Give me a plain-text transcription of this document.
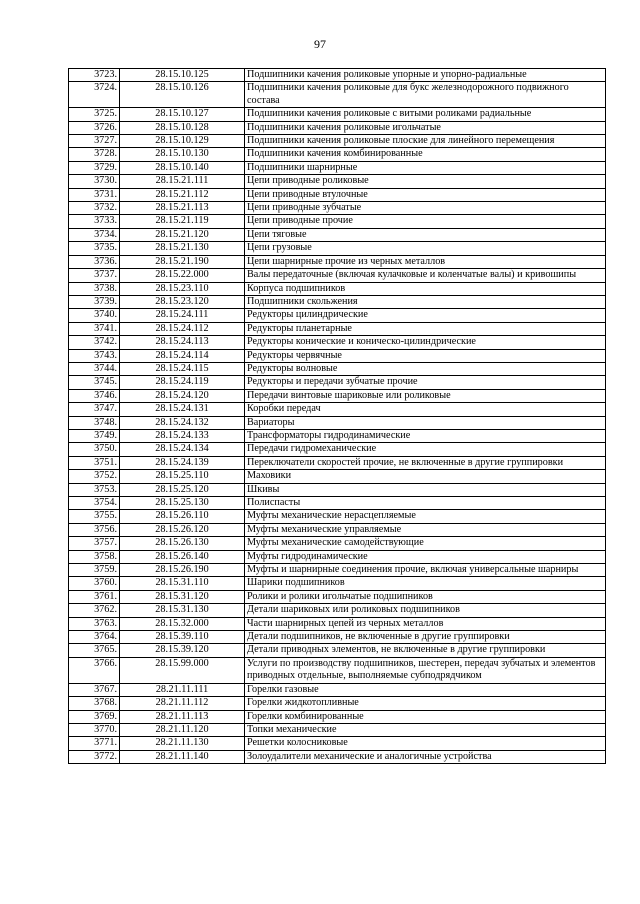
97
3723.	28.15.10.125	Подшипники качения роликовые упорные и упорно-радиальные
3724.	28.15.10.126	Подшипники качения роликовые для букс железнодорожного подвижного состава
3725.	28.15.10.127	Подшипники качения роликовые с витыми роликами радиальные
3726.	28.15.10.128	Подшипники качения роликовые игольчатые
3727.	28.15.10.129	Подшипники качения роликовые плоские для линейного перемещения
3728.	28.15.10.130	Подшипники качения комбинированные
3729.	28.15.10.140	Подшипники шарнирные
3730.	28.15.21.111	Цепи приводные роликовые
3731.	28.15.21.112	Цепи приводные втулочные
3732.	28.15.21.113	Цепи приводные зубчатые
3733.	28.15.21.119	Цепи приводные прочие
3734.	28.15.21.120	Цепи тяговые
3735.	28.15.21.130	Цепи грузовые
3736.	28.15.21.190	Цепи шарнирные прочие из черных металлов
3737.	28.15.22.000	Валы передаточные (включая кулачковые и коленчатые валы) и кривошипы
3738.	28.15.23.110	Корпуса подшипников
3739.	28.15.23.120	Подшипники скольжения
3740.	28.15.24.111	Редукторы цилиндрические
3741.	28.15.24.112	Редукторы планетарные
3742.	28.15.24.113	Редукторы конические и коническо-цилиндрические
3743.	28.15.24.114	Редукторы червячные
3744.	28.15.24.115	Редукторы волновые
3745.	28.15.24.119	Редукторы и передачи зубчатые прочие
3746.	28.15.24.120	Передачи винтовые шариковые или роликовые
3747.	28.15.24.131	Коробки передач
3748.	28.15.24.132	Вариаторы
3749.	28.15.24.133	Трансформаторы гидродинамические
3750.	28.15.24.134	Передачи гидромеханические
3751.	28.15.24.139	Переключатели скоростей прочие, не включенные в другие группировки
3752.	28.15.25.110	Маховики
3753.	28.15.25.120	Шкивы
3754.	28.15.25.130	Полиспасты
3755.	28.15.26.110	Муфты механические нерасцепляемые
3756.	28.15.26.120	Муфты механические управляемые
3757.	28.15.26.130	Муфты механические самодействующие
3758.	28.15.26.140	Муфты гидродинамические
3759.	28.15.26.190	Муфты и шарнирные соединения прочие, включая универсальные шарниры
3760.	28.15.31.110	Шарики подшипников
3761.	28.15.31.120	Ролики и ролики игольчатые подшипников
3762.	28.15.31.130	Детали шариковых или роликовых подшипников
3763.	28.15.32.000	Части шарнирных цепей из черных металлов
3764.	28.15.39.110	Детали подшипников, не включенные в другие группировки
3765.	28.15.39.120	Детали приводных элементов, не включенные в другие группировки
3766.	28.15.99.000	Услуги по производству подшипников, шестерен, передач зубчатых и элементов приводных отдельные, выполняемые субподрядчиком
3767.	28.21.11.111	Горелки газовые
3768.	28.21.11.112	Горелки жидкотопливные
3769.	28.21.11.113	Горелки комбинированные
3770.	28.21.11.120	Топки механические
3771.	28.21.11.130	Решетки колосниковые
3772.	28.21.11.140	Золоудалители механические и аналогичные устройства
